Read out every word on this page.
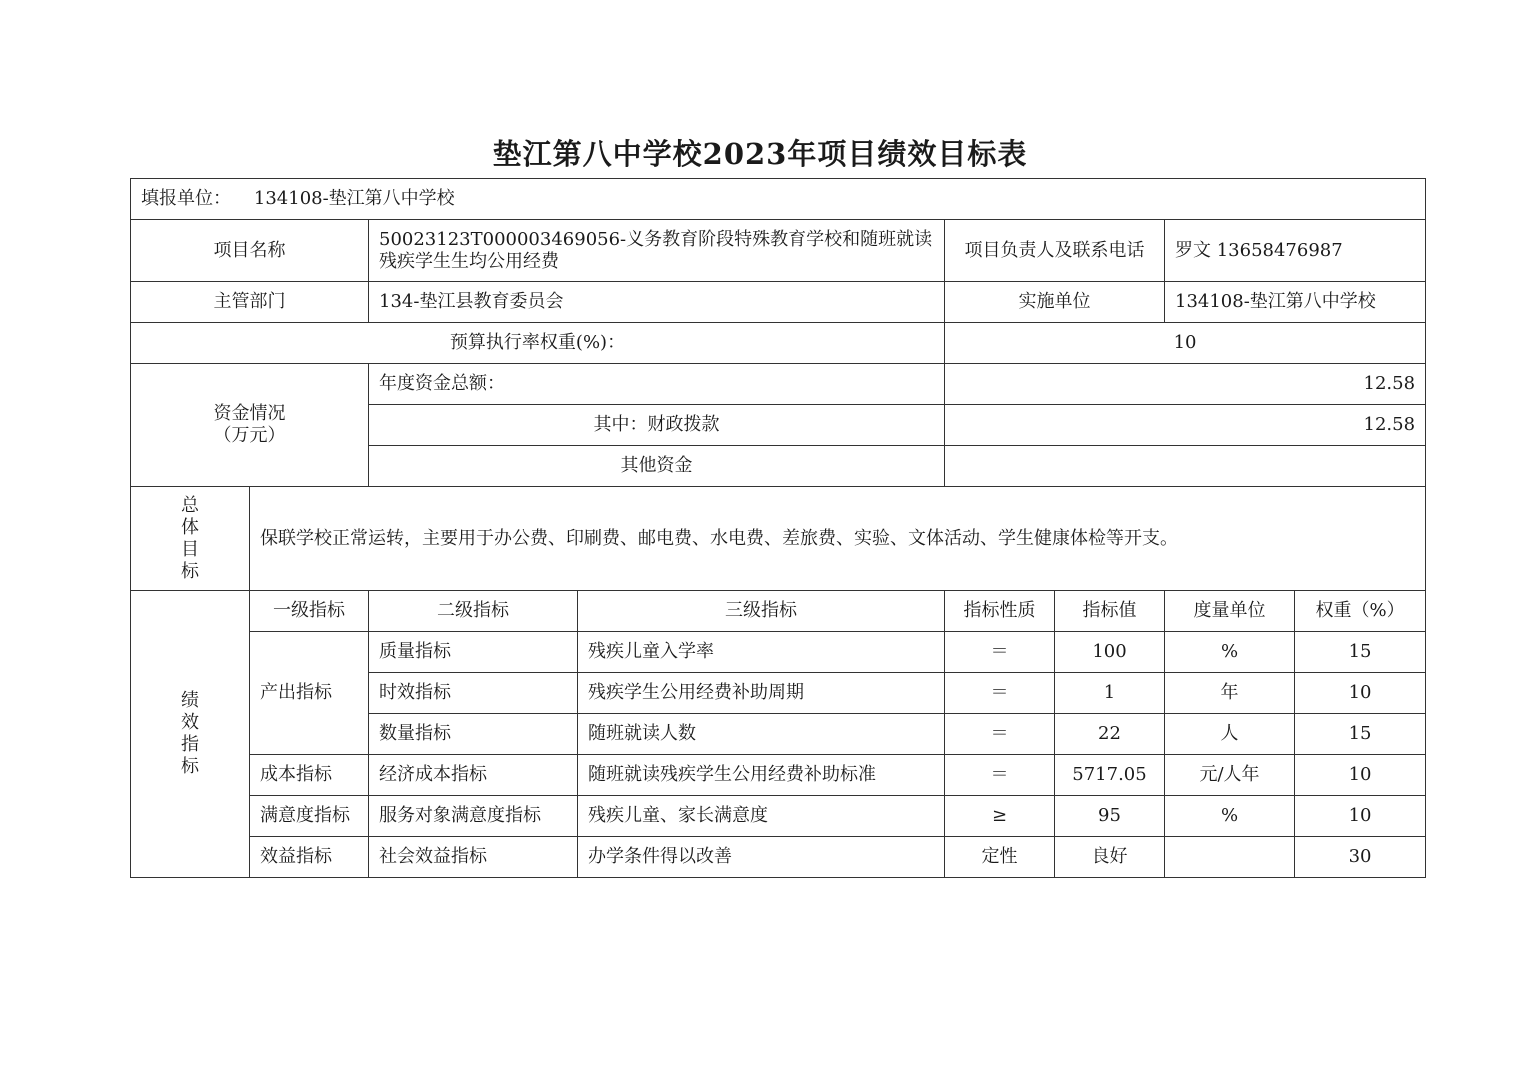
垫江第八中学校2023年项目绩效目标表
填报单位： 134108-垫江第八中学校							
项目名称		50023123T000003469056-义务教育阶段特殊教育学校和随班就读残疾学生生均公用经费		项目负责人及联系电话		罗文 13658476987	
主管部门		134-垫江县教育委员会		实施单位		134108-垫江第八中学校	
预算执行率权重(%)：				10			

资金情况
（万元）		年度资金总额：		12.58			
		其中：财政拨款		12.58			
		其他资金					

总
体
目
标	保联学校正常运转，主要用于办公费、印刷费、邮电费、水电费、差旅费、实验、文体活动、学生健康体检等开支。						

绩
效
指
标	一级指标	二级指标	三级指标	指标性质	指标值	度量单位	权重（%）
	产出指标	质量指标	残疾儿童入学率	＝	100	%	15
		时效指标	残疾学生公用经费补助周期	＝	1	年	10
		数量指标	随班就读人数	＝	22	人	15
	成本指标	经济成本指标	随班就读残疾学生公用经费补助标准	＝	5717.05	元/人年	10
	满意度指标	服务对象满意度指标	残疾儿童、家长满意度	≥	95	%	10
	效益指标	社会效益指标	办学条件得以改善	定性	良好		30
